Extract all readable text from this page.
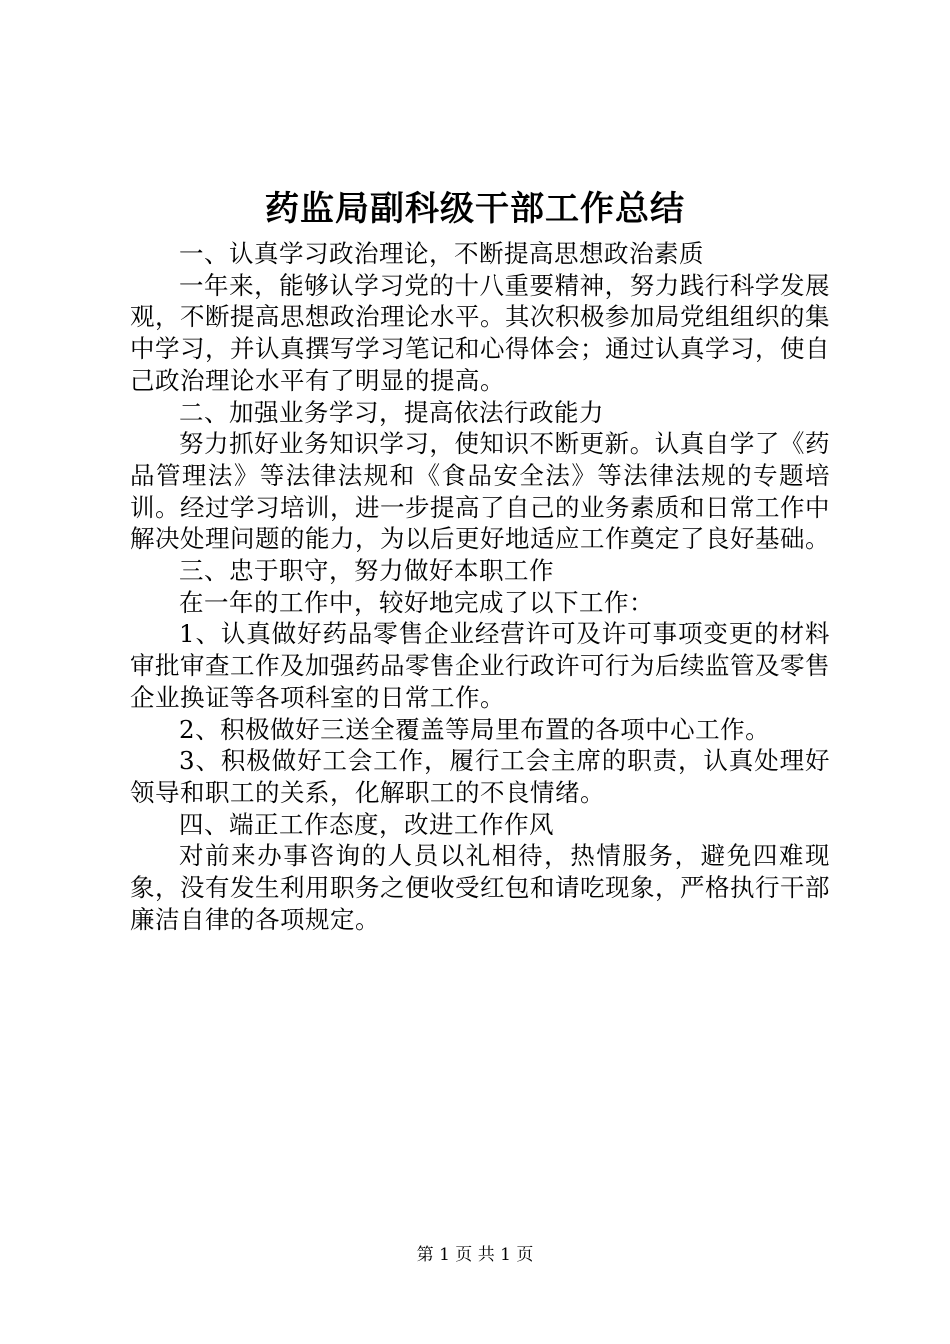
药监局副科级干部工作总结

一、认真学习政治理论，不断提高思想政治素质

一年来，能够认学习党的十八重要精神，努力践行科学发展观，不断提高思想政治理论水平。其次积极参加局党组组织的集中学习，并认真撰写学习笔记和心得体会；通过认真学习，使自己政治理论水平有了明显的提高。

二、加强业务学习，提高依法行政能力

努力抓好业务知识学习，使知识不断更新。认真自学了《药品管理法》等法律法规和《食品安全法》等法律法规的专题培训。经过学习培训，进一步提高了自己的业务素质和日常工作中解决处理问题的能力，为以后更好地适应工作奠定了良好基础。

三、忠于职守，努力做好本职工作

在一年的工作中，较好地完成了以下工作：

1、认真做好药品零售企业经营许可及许可事项变更的材料审批审查工作及加强药品零售企业行政许可行为后续监管及零售企业换证等各项科室的日常工作。

2、积极做好三送全覆盖等局里布置的各项中心工作。

3、积极做好工会工作，履行工会主席的职责，认真处理好领导和职工的关系，化解职工的不良情绪。

四、端正工作态度，改进工作作风

对前来办事咨询的人员以礼相待，热情服务，避免四难现象，没有发生利用职务之便收受红包和请吃现象，严格执行干部廉洁自律的各项规定。

第 1 页 共 1 页
